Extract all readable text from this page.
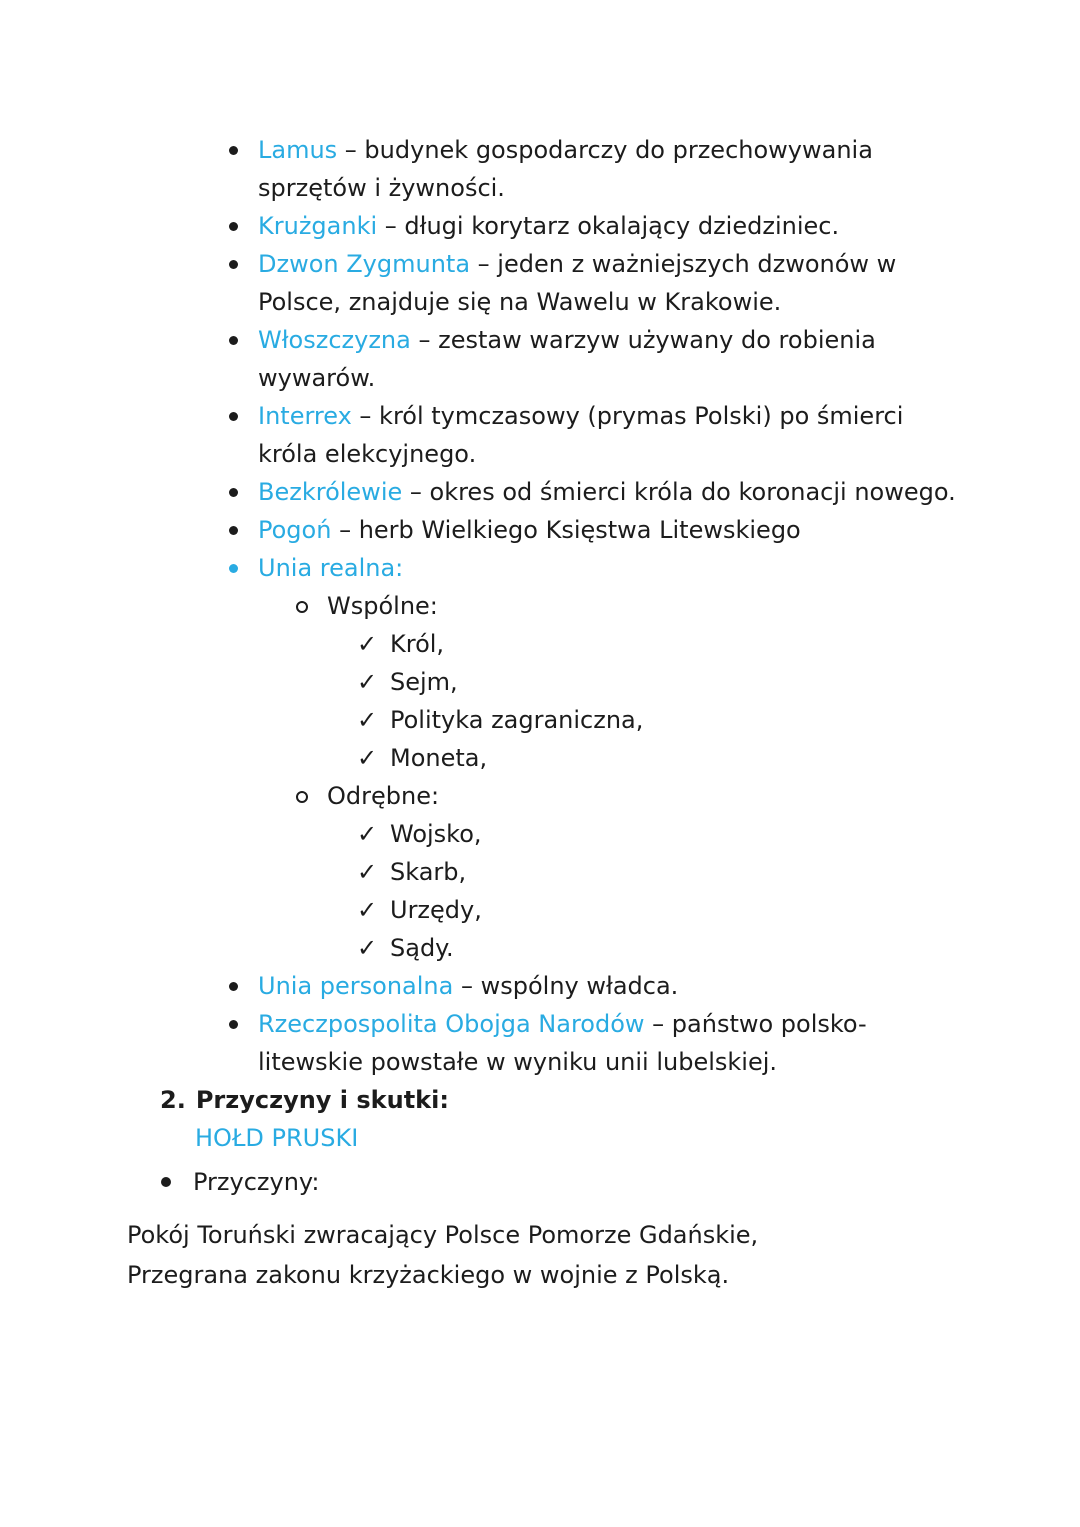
Lamus – budynek gospodarczy do przechowywania
sprzętów i żywności.
Krużganki – długi korytarz okalający dziedziniec.
Dzwon Zygmunta – jeden z ważniejszych dzwonów w
Polsce, znajduje się na Wawelu w Krakowie.
Włoszczyzna – zestaw warzyw używany do robienia
wywarów.
Interrex – król tymczasowy (prymas Polski) po śmierci
króla elekcyjnego.
Bezkrólewie – okres od śmierci króla do koronacji nowego.
Pogoń – herb Wielkiego Księstwa Litewskiego
Unia realna:
Wspólne:
✓ Król,
✓ Sejm,
✓ Polityka zagraniczna,
✓ Moneta,
Odrębne:
✓ Wojsko,
✓ Skarb,
✓ Urzędy,
✓ Sądy.
Unia personalna – wspólny władca.
Rzeczpospolita Obojga Narodów – państwo polsko-
litewskie powstałe w wyniku unii lubelskiej.
2. Przyczyny i skutki:
HOŁD PRUSKI
Przyczyny:

Pokój Toruński zwracający Polsce Pomorze Gdańskie,
Przegrana zakonu krzyżackiego w wojnie z Polską.
